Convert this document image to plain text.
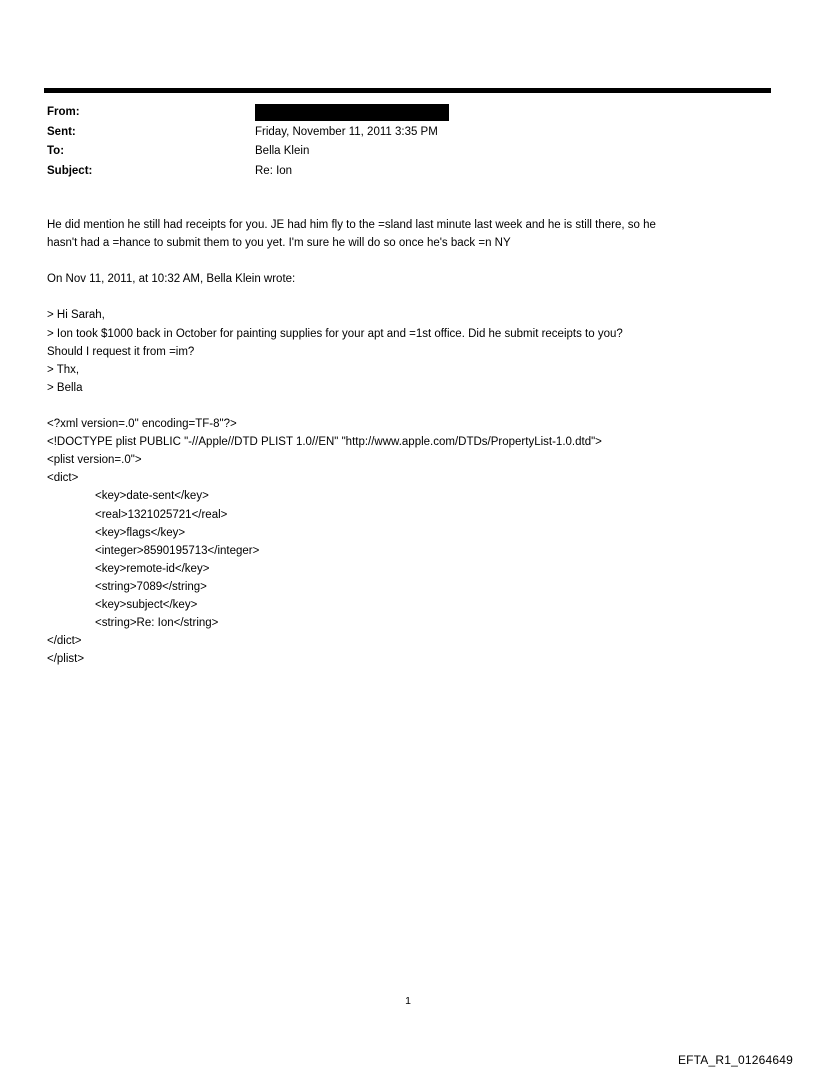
From:
Sent:	Friday, November 11, 2011 3:35 PM
To:	Bella Klein
Subject:	Re: Ion
He did mention he still had receipts for you. JE had him fly to the =sland last minute last week and he is still there, so he
hasn't had a =hance to submit them to you yet. I'm sure he will do so once he's back =n NY

On Nov 11, 2011, at 10:32 AM, Bella Klein wrote:

> Hi Sarah,
> Ion took $1000 back in October for painting supplies for your apt and =1st office. Did he submit receipts to you?
Should I request it from =im?
> Thx,
> Bella

<?xml version=.0" encoding=TF-8"?>
<!DOCTYPE plist PUBLIC "-//Apple//DTD PLIST 1.0//EN" "http://www.apple.com/DTDs/PropertyList-1.0.dtd">
<plist version=.0">
<dict>
<key>date-sent</key>
<real>1321025721</real>
<key>flags</key>
<integer>8590195713</integer>
<key>remote-id</key>
<string>7089</string>
<key>subject</key>
<string>Re: Ion</string>
</dict>
</plist>
1
EFTA_R1_01264649
